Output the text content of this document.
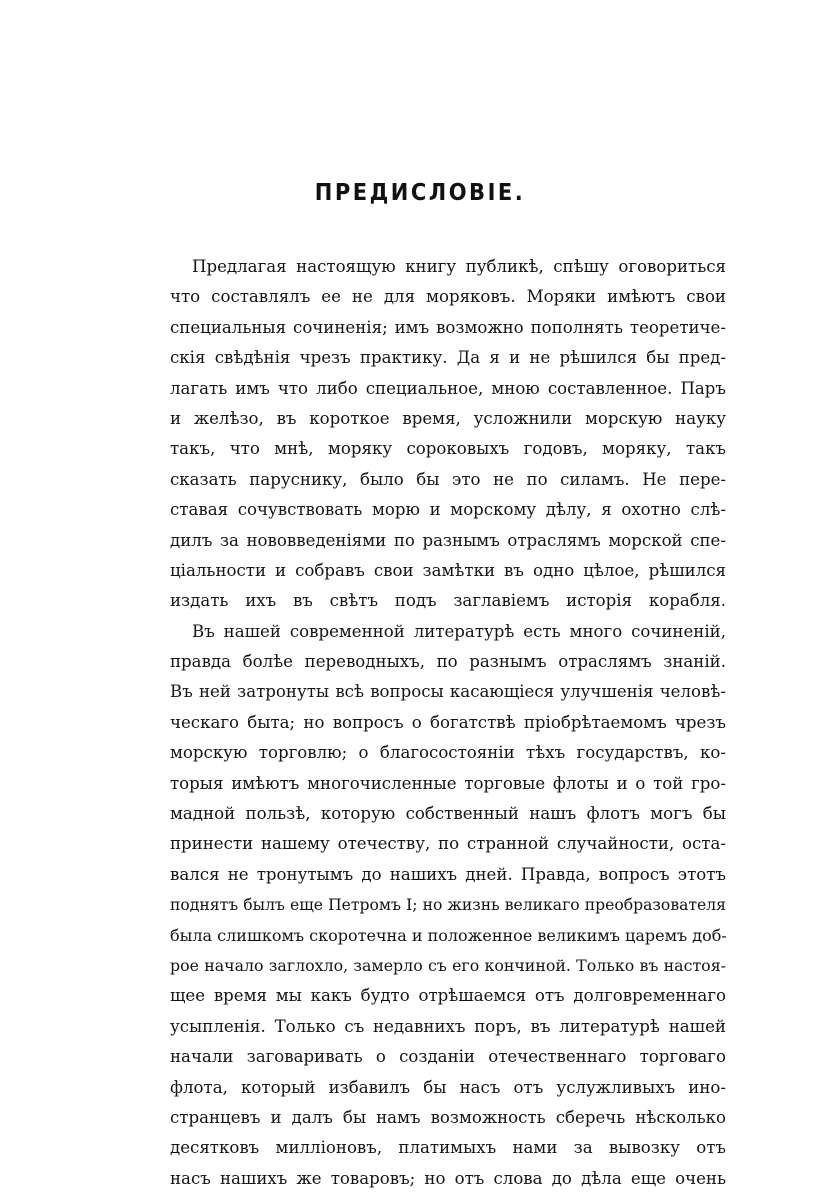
ПРЕДИСЛОВIЕ.
Предлагая настоящую книгу публикѣ, спѣшу оговориться
что составлялъ ее не для моряковъ. Моряки имѣютъ свои
специальныя сочиненiя; имъ возможно пополнять теоретиче-
скiя свѣдѣнiя чрезъ практику. Да я и не рѣшился бы пред-
лагать имъ что либо специальное, мною составленное. Паръ
и желѣзо, въ короткое время, усложнили морскую науку
такъ, что мнѣ, моряку сороковыхъ годовъ, моряку, такъ
сказать паруснику, было бы это не по силамъ. Не пере-
ставая сочувствовать морю и морскому дѣлу, я охотно слѣ-
дилъ за нововведенiями по разнымъ отраслямъ морской спе-
цiальности и собравъ свои замѣтки въ одно цѣлое, рѣшился
издать ихъ въ свѣтъ подъ заглавiемъ исторiя корабля.
Въ нашей современной литературѣ есть много сочиненiй,
правда болѣе переводныхъ, по разнымъ отраслямъ знанiй.
Въ ней затронуты всѣ вопросы касающiеся улучшенiя человѣ-
ческаго быта; но вопросъ о богатствѣ прiобрѣтаемомъ чрезъ
морскую торговлю; о благосостоянiи тѣхъ государствъ, ко-
торыя имѣютъ многочисленные торговые флоты и о той гро-
мадной пользѣ, которую собственный нашъ флотъ могъ бы
принести нашему отечеству, по странной случайности, оста-
вался не тронутымъ до нашихъ дней. Правда, вопросъ этотъ
поднятъ былъ еще Петромъ I; но жизнь великаго преобразователя
была слишкомъ скоротечна и положенное великимъ царемъ доб-
рое начало заглохло, замерло съ его кончиной. Только въ настоя-
щее время мы какъ будто отрѣшаемся отъ долговременнаго
усыпленiя. Только съ недавнихъ поръ, въ литературѣ нашей
начали заговаривать о созданiи отечественнаго торговаго
флота, который избавилъ бы насъ отъ услужливыхъ ино-
странцевъ и далъ бы намъ возможность сберечь нѣсколько
десятковъ миллiоновъ, платимыхъ нами за вывозку отъ
насъ нашихъ же товаровъ; но отъ слова до дѣла еще очень
